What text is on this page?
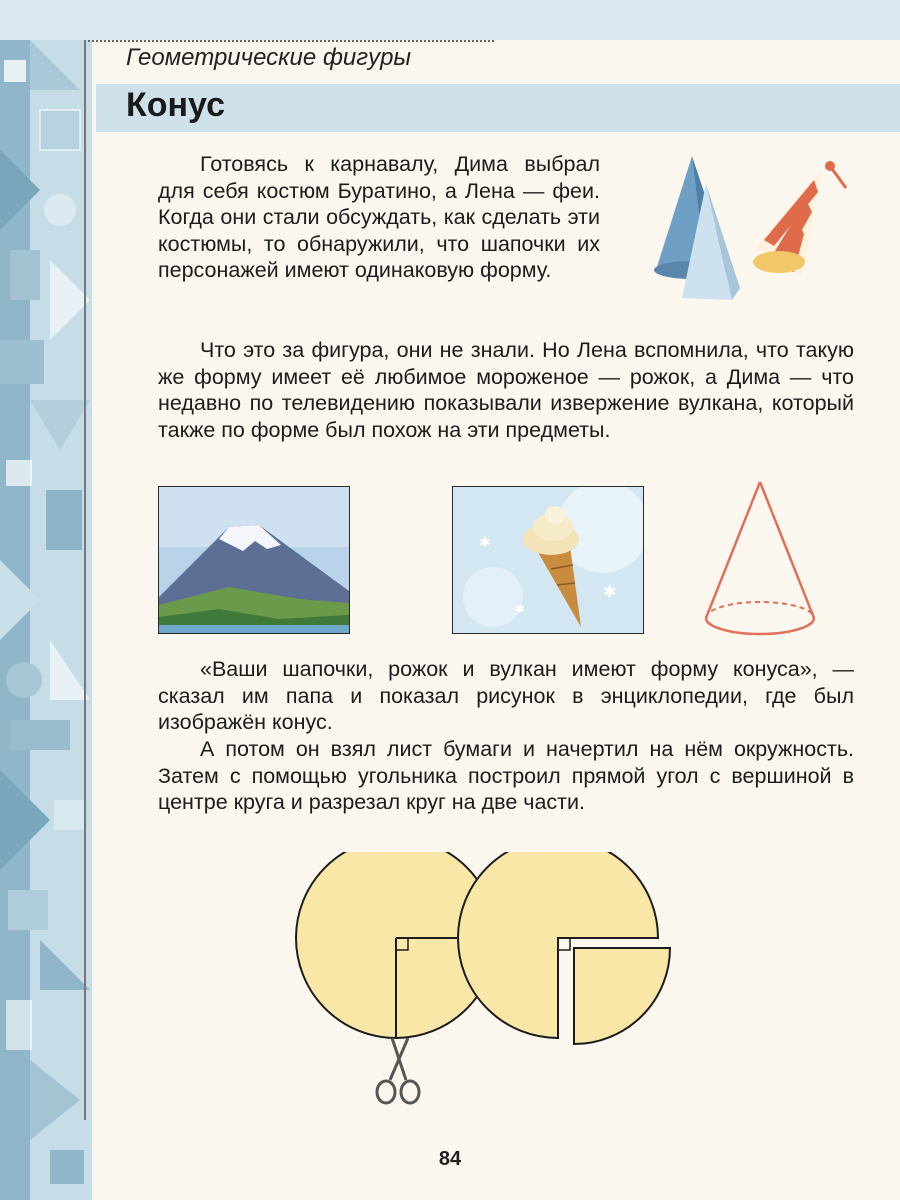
Геометрические фигуры
Конус

Готовясь к карнавалу, Дима выбрал для себя костюм Буратино, а Лена — феи. Когда они стали обсуждать, как сделать эти костюмы, то обнаружили, что шапочки их персонажей имеют одинаковую форму.

Что это за фигура, они не знали. Но Лена вспомнила, что такую же форму имеет её любимое мороженое — рожок, а Дима — что недавно по телевидению показывали извержение вулкана, который также по форме был похож на эти предметы.

✱
✱
✱

«Ваши шапочки, рожок и вулкан имеют форму конуса», — сказал им папа и показал рисунок в энциклопедии, где был изображён конус.

А потом он взял лист бумаги и начертил на нём окружность. Затем с помощью угольника построил прямой угол с вершиной в центре круга и разрезал круг на две части.

84
